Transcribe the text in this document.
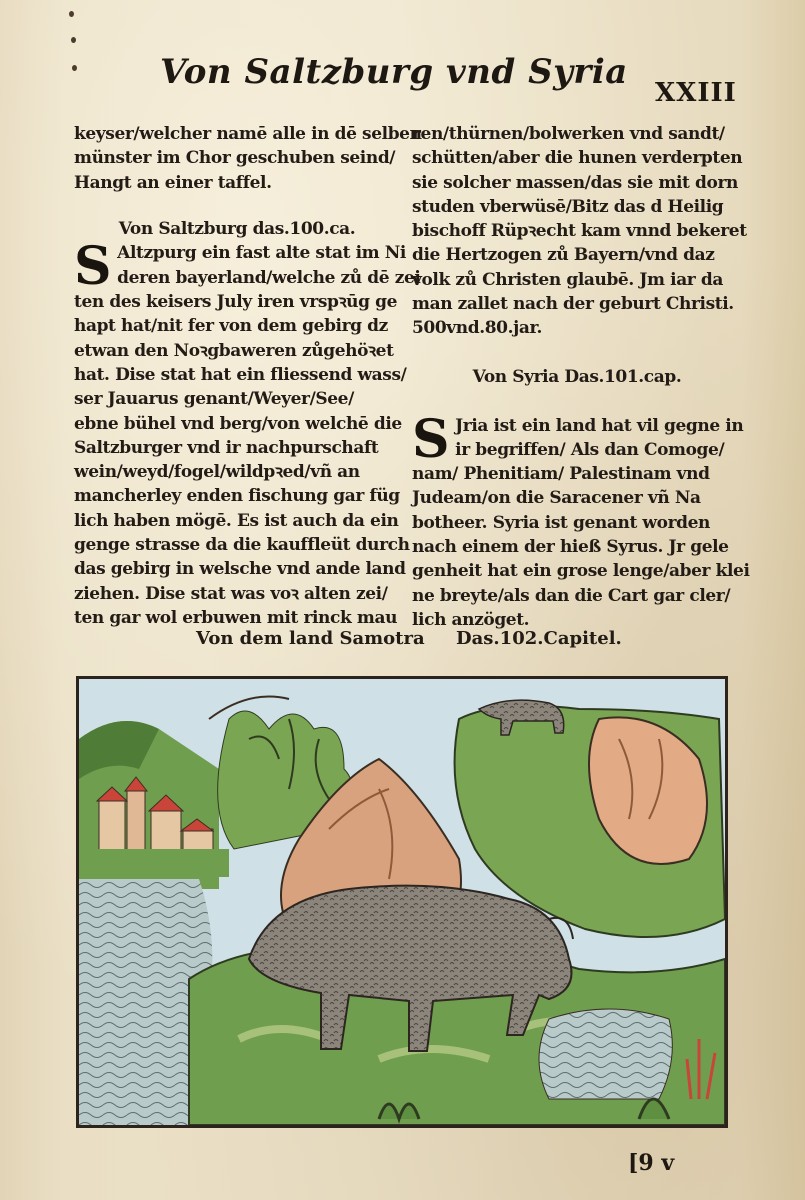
Von Saltzburg vnd Syria
XXIII

keyser/welcher namē alle in dē selben

münster im Chor geschuben seind/

Hangt an einer taffel.

Von Saltzburg das.100.ca.

S Altzpurg ein fast alte stat im Ni

deren bayerland/welche zů dē zei

ten des keisers July iren vrspꝛūg ge

hapt hat/nit fer von dem gebirg dz

etwan den Noꝛgbaweren zůgehöꝛet

hat. Dise stat hat ein fliessend wass/

ser Jauarus genant/Weyer/See/

ebne bühel vnd berg/von welchē die

Saltzburger vnd ir nachpurschaft

wein/weyd/fogel/wildpꝛed/vñ an

mancherley enden fischung gar füg

lich haben mögē. Es ist auch da ein

genge strasse da die kauffleüt durch

das gebirg in welsche vnd ande land

ziehen. Dise stat was voꝛ alten zei/

ten gar wol erbuwen mit rinck mau

ren/thürnen/bolwerken vnd sandt/

schütten/aber die hunen verderpten

sie solcher massen/das sie mit dorn

studen vberwüsē/Bitz das d Heilig

bischoff Rüpꝛecht kam vnnd bekeret

die Hertzogen zů Bayern/vnd daz

volk zů Christen glaubē. Jm iar da

man zallet nach der geburt Christi.

500vnd.80.jar.

Von Syria Das.101.cap.

S Jria ist ein land hat vil gegne in

ir begriffen/ Als dan Comoge/

nam/ Phenitiam/ Palestinam vnd

Judeam/on die Saracener vñ Na

botheer. Syria ist genant worden

nach einem der hieß Syrus. Jr gele

genheit hat ein grose lenge/aber klei

ne breyte/als dan die Cart gar cler/

lich anzöget.

Von dem land Samotra Das.102.Capitel.
[9 v
